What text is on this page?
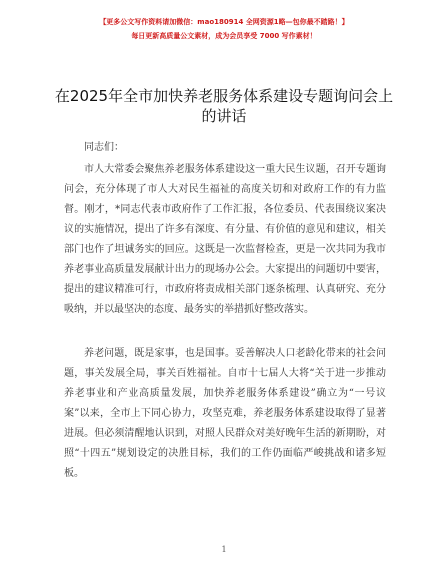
【更多公文写作资料请加微信：mao180914 全网资源1略—包你最不踏路！】
每日更新高质量公文素材，成为会员享受 7000 写作素材！
在2025年全市加快养老服务体系建设专题询问会上的讲话
同志们：

市人大常委会聚焦养老服务体系建设这一重大民生议题，召开专题询问会，充分体现了市人大对民生福祉的高度关切和对政府工作的有力监督。刚才，*同志代表市政府作了工作汇报，各位委员、代表围绕议案决议的实施情况，提出了许多有深度、有分量、有价值的意见和建议，相关部门也作了坦诚务实的回应。这既是一次监督检查，更是一次共同为我市养老事业高质量发展献计出力的现场办公会。大家提出的问题切中要害，提出的建议精准可行，市政府将责成相关部门逐条梳理、认真研究、充分吸纳，并以最坚决的态度、最务实的举措抓好整改落实。

养老问题，既是家事，也是国事。妥善解决人口老龄化带来的社会问题，事关发展全局，事关百姓福祉。自市十七届人大将“关于进一步推动养老事业和产业高质量发展，加快养老服务体系建设”确立为“一号议案”以来，全市上下同心协力，攻坚克难，养老服务体系建设取得了显著进展。但必须清醒地认识到，对照人民群众对美好晚年生活的新期盼，对照“十四五”规划设定的决胜目标，我们的工作仍面临严峻挑战和诸多短板。

1
